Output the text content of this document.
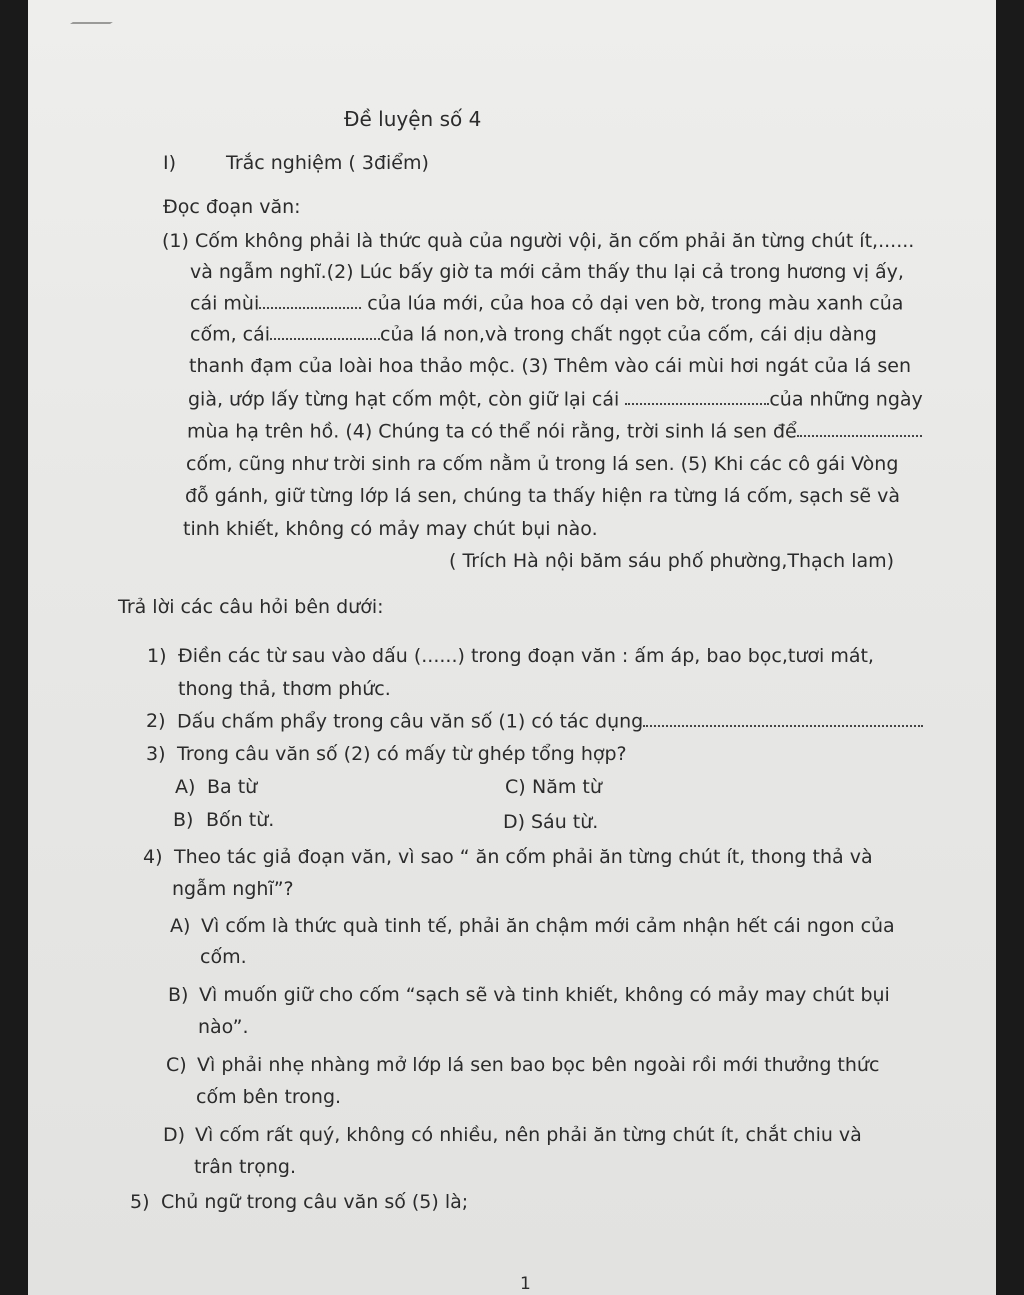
Đề luyện số 4
I)	Trắc nghiệm ( 3điểm)
Đọc đoạn văn:
(1) Cốm không phải là thức quà của người vội, ăn cốm phải ăn từng chút ít,......
và ngẫm nghĩ.(2) Lúc bấy giờ ta mới cảm thấy thu lại cả trong hương vị ấy,
cái mùi	của lúa mới, của hoa cỏ dại ven bờ, trong màu xanh của
cốm, cái	của lá non,và trong chất ngọt của cốm, cái dịu dàng
thanh đạm của loài hoa thảo mộc. (3) Thêm vào cái mùi hơi ngát của lá sen
già, ướp lấy từng hạt cốm một, còn giữ lại cái	của những ngày
mùa hạ trên hồ. (4) Chúng ta có thể nói rằng, trời sinh lá sen để
cốm, cũng như trời sinh ra cốm nằm ủ trong lá sen. (5) Khi các cô gái Vòng
đỗ gánh, giữ từng lớp lá sen, chúng ta thấy hiện ra từng lá cốm, sạch sẽ và
tinh khiết, không có mảy may chút bụi nào.
( Trích Hà nội băm sáu phố phường,Thạch lam)
Trả lời các câu hỏi bên dưới:
1) Điền các từ sau vào dấu (......) trong đoạn văn : ấm áp, bao bọc,tươi mát,
thong thả, thơm phức.
2) Dấu chấm phẩy trong câu văn số (1) có tác dụng
3) Trong câu văn số (2) có mấy từ ghép tổng hợp?
A) Ba từ	C) Năm từ
B) Bốn từ.	D) Sáu từ.
4) Theo tác giả đoạn văn, vì sao “ ăn cốm phải ăn từng chút ít, thong thả và
ngẫm nghĩ”?
A) Vì cốm là thức quà tinh tế, phải ăn chậm mới cảm nhận hết cái ngon của
cốm.
B) Vì muốn giữ cho cốm “sạch sẽ và tinh khiết, không có mảy may chút bụi
nào”.
C) Vì phải nhẹ nhàng mở lớp lá sen bao bọc bên ngoài rồi mới thưởng thức
cốm bên trong.
D) Vì cốm rất quý, không có nhiều, nên phải ăn từng chút ít, chắt chiu và
trân trọng.
5) Chủ ngữ trong câu văn số (5) là;
1
